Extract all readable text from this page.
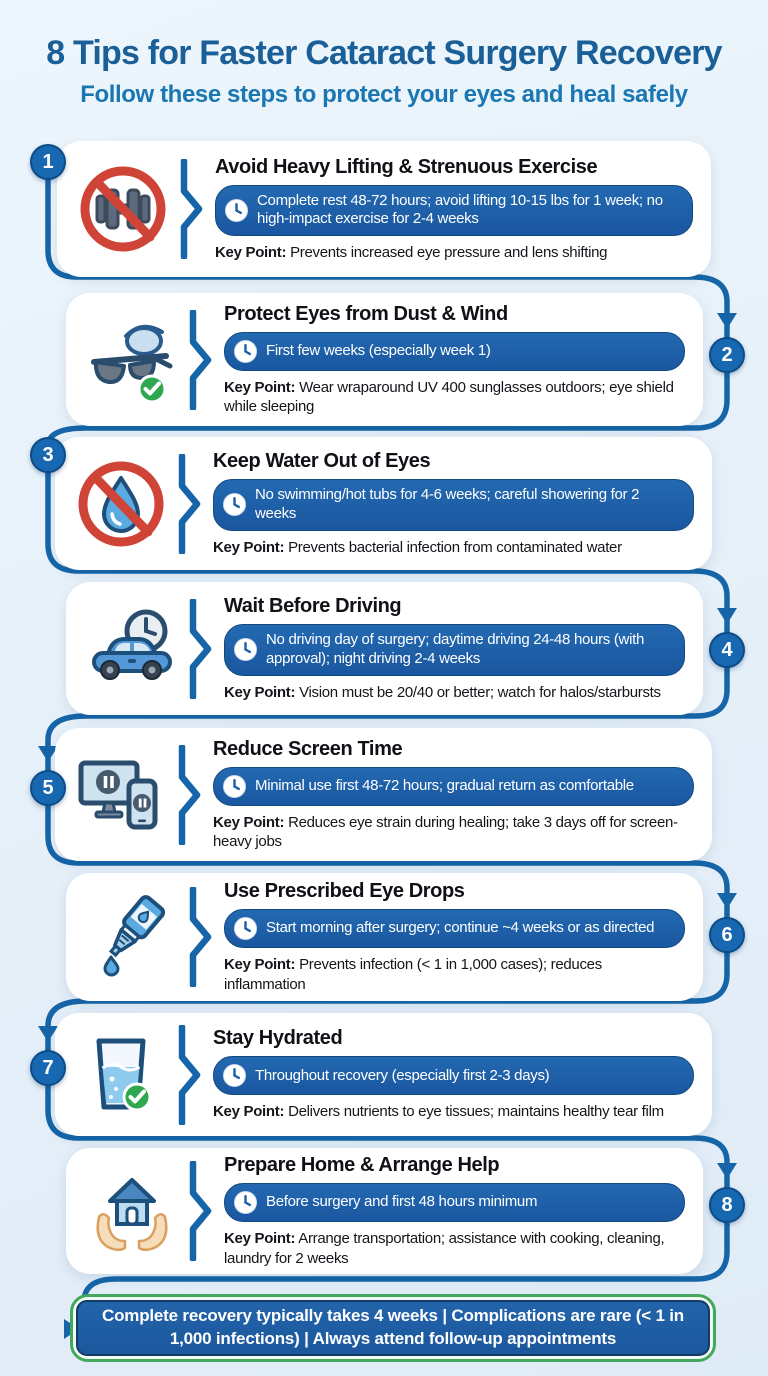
8 Tips for Faster Cataract Surgery Recovery
Follow these steps to protect your eyes and heal safely
Avoid Heavy Lifting & Strenuous Exercise
Complete rest 48-72 hours; avoid lifting 10-15 lbs for 1 week; no high-impact exercise for 2-4 weeks
Key Point: Prevents increased eye pressure and lens shifting
Protect Eyes from Dust & Wind
First few weeks (especially week 1)
Key Point: Wear wraparound UV 400 sunglasses outdoors; eye shield while sleeping
Keep Water Out of Eyes
No swimming/hot tubs for 4-6 weeks; careful showering for 2 weeks
Key Point: Prevents bacterial infection from contaminated water
Wait Before Driving
No driving day of surgery; daytime driving 24-48 hours (with approval); night driving 2-4 weeks
Key Point: Vision must be 20/40 or better; watch for halos/starbursts
Reduce Screen Time
Minimal use first 48-72 hours; gradual return as comfortable
Key Point: Reduces eye strain during healing; take 3 days off for screen-heavy jobs
Use Prescribed Eye Drops
Start morning after surgery; continue ~4 weeks or as directed
Key Point: Prevents infection (< 1 in 1,000 cases); reduces inflammation
Stay Hydrated
Throughout recovery (especially first 2-3 days)
Key Point: Delivers nutrients to eye tissues; maintains healthy tear film
Prepare Home & Arrange Help
Before surgery and first 48 hours minimum
Key Point: Arrange transportation; assistance with cooking, cleaning, laundry for 2 weeks
1
2
3
4
5
6
7
8
Complete recovery typically takes 4 weeks | Complications are rare (< 1 in 1,000 infections) | Always attend follow-up appointments
